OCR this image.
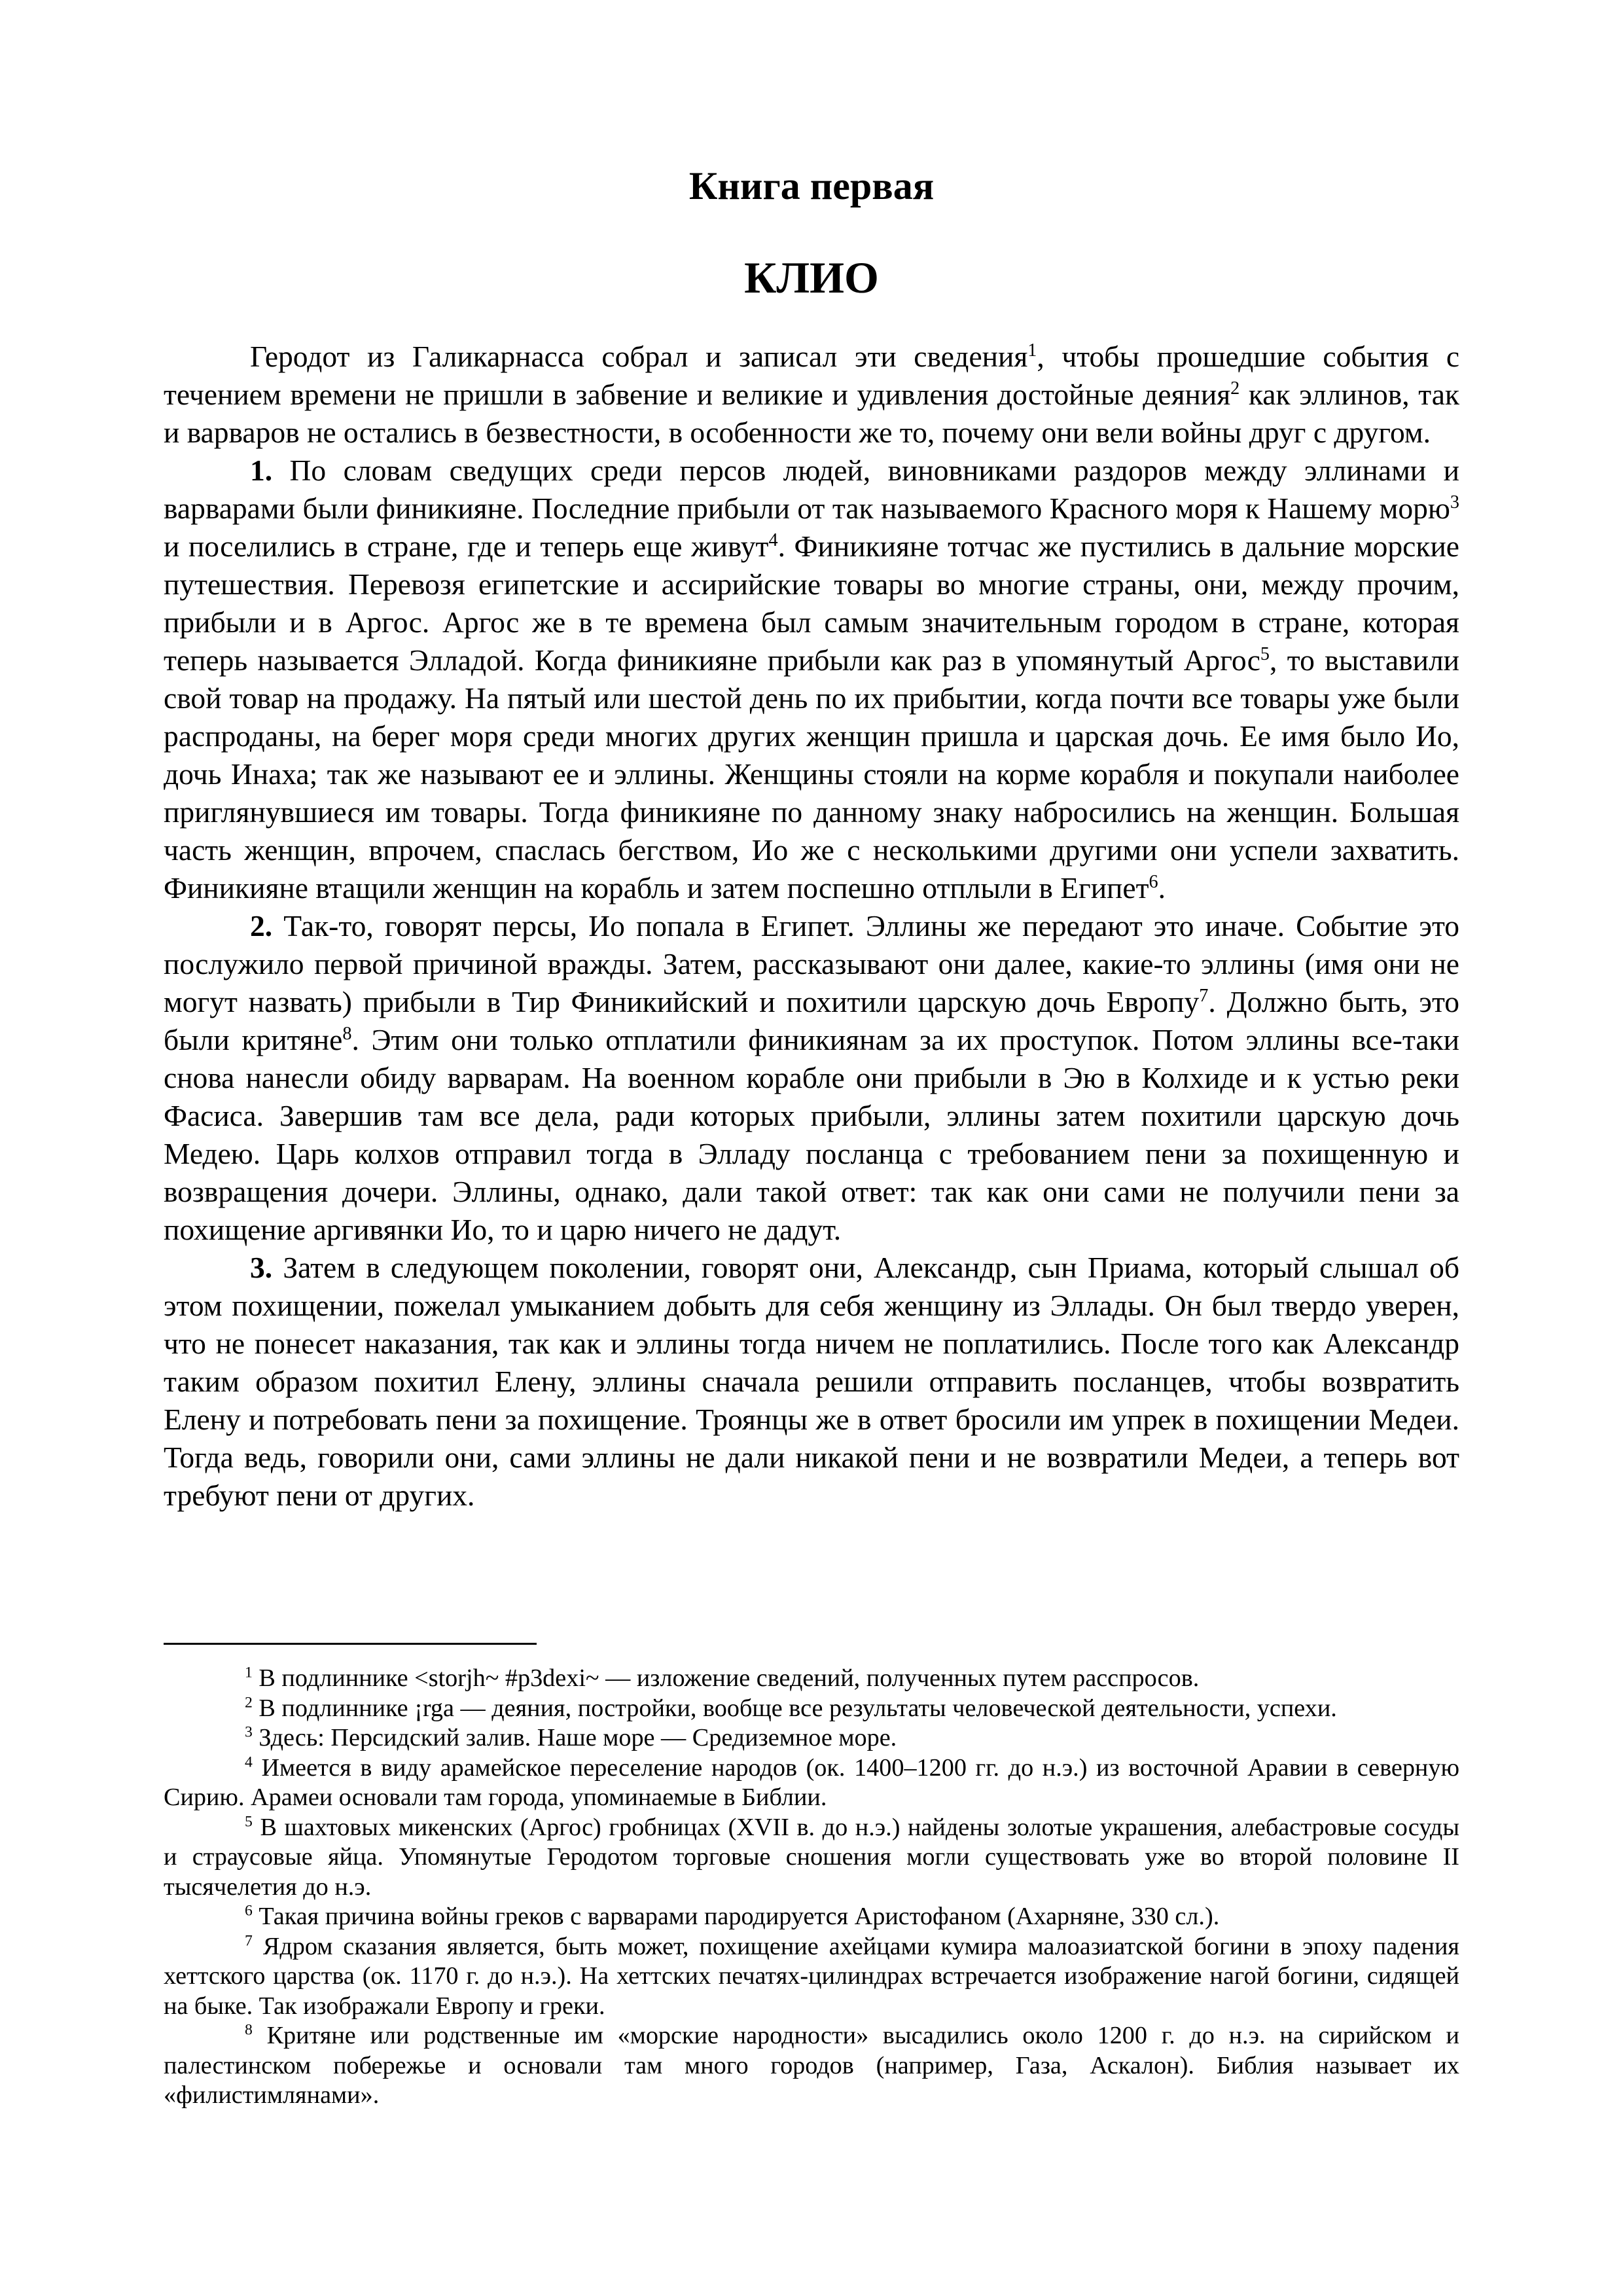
Книга первая
КЛИО

Геродот из Галикарнасса собрал и записал эти сведения$^1$, чтобы прошедшие события с течением времени не пришли в забвение и великие и удивления достойные деяния$^2$ как эллинов, так и варваров не остались в безвестности, в особенности же то, почему они вели войны друг с другом.

1. По словам сведущих среди персов людей, виновниками раздоров между эллинами и варварами были финикияне. Последние прибыли от так называемого Красного моря к Нашему морю$^3$ и поселились в стране, где и теперь еще живут$^4$. Финикияне тотчас же пустились в дальние морские путешествия. Перевозя египетские и ассирийские товары во многие страны, они, между прочим, прибыли и в Аргос. Аргос же в те времена был самым значительным городом в стране, которая теперь называется Элладой. Когда финикияне прибыли как раз в упомянутый Аргос$^5$, то выставили свой товар на продажу. На пятый или шестой день по их прибытии, когда почти все товары уже были распроданы, на берег моря среди многих других женщин пришла и царская дочь. Ее имя было Ио, дочь Инаха; так же называют ее и эллины. Женщины стояли на корме корабля и покупали наиболее приглянувшиеся им товары. Тогда финикияне по данному знаку набросились на женщин. Большая часть женщин, впрочем, спаслась бегством, Ио же с несколькими другими они успели захватить. Финикияне втащили женщин на корабль и затем поспешно отплыли в Египет$^6$.

2. Так-то, говорят персы, Ио попала в Египет. Эллины же передают это иначе. Событие это послужило первой причиной вражды. Затем, рассказывают они далее, какие-то эллины (имя они не могут назвать) прибыли в Тир Финикийский и похитили царскую дочь Европу$^7$. Должно быть, это были критяне$^8$. Этим они только отплатили финикиянам за их проступок. Потом эллины все-таки снова нанесли обиду варварам. На военном корабле они прибыли в Эю в Колхиде и к устью реки Фасиса. Завершив там все дела, ради которых прибыли, эллины затем похитили царскую дочь Медею. Царь колхов отправил тогда в Элладу посланца с требованием пени за похищенную и возвращения дочери. Эллины, однако, дали такой ответ: так как они сами не получили пени за похищение аргивянки Ио, то и царю ничего не дадут.

3. Затем в следующем поколении, говорят они, Александр, сын Приама, который слышал об этом похищении, пожелал умыканием добыть для себя женщину из Эллады. Он был твердо уверен, что не понесет наказания, так как и эллины тогда ничем не поплатились. После того как Александр таким образом похитил Елену, эллины сначала решили отправить посланцев, чтобы возвратить Елену и потребовать пени за похищение. Троянцы же в ответ бросили им упрек в похищении Медеи. Тогда ведь, говорили они, сами эллины не дали никакой пени и не возвратили Медеи, а теперь вот требуют пени от других.

$^1$ В подлиннике <storjh~ #p3dexi~ — изложение сведений, полученных путем расспросов.

$^2$ В подлиннике ¡rga — деяния, постройки, вообще все результаты человеческой деятельности, успехи.

$^3$ Здесь: Персидский залив. Наше море — Средиземное море.

$^4$ Имеется в виду арамейское переселение народов (ок. 1400–1200 гг. до н.э.) из восточной Аравии в северную Сирию. Арамеи основали там города, упоминаемые в Библии.

$^5$ В шахтовых микенских (Аргос) гробницах (XVII в. до н.э.) найдены золотые украшения, алебастровые сосуды и страусовые яйца. Упомянутые Геродотом торговые сношения могли существовать уже во второй половине II тысячелетия до н.э.

$^6$ Такая причина войны греков с варварами пародируется Аристофаном (Ахарняне, 330 сл.).

$^7$ Ядром сказания является, быть может, похищение ахейцами кумира малоазиатской богини в эпоху падения хеттского царства (ок. 1170 г. до н.э.). На хеттских печатях-цилиндрах встречается изображение нагой богини, сидящей на быке. Так изображали Европу и греки.

$^8$ Критяне или родственные им «морские народности» высадились около 1200 г. до н.э. на сирийском и палестинском побережье и основали там много городов (например, Газа, Аскалон). Библия называет их «филистимлянами».
